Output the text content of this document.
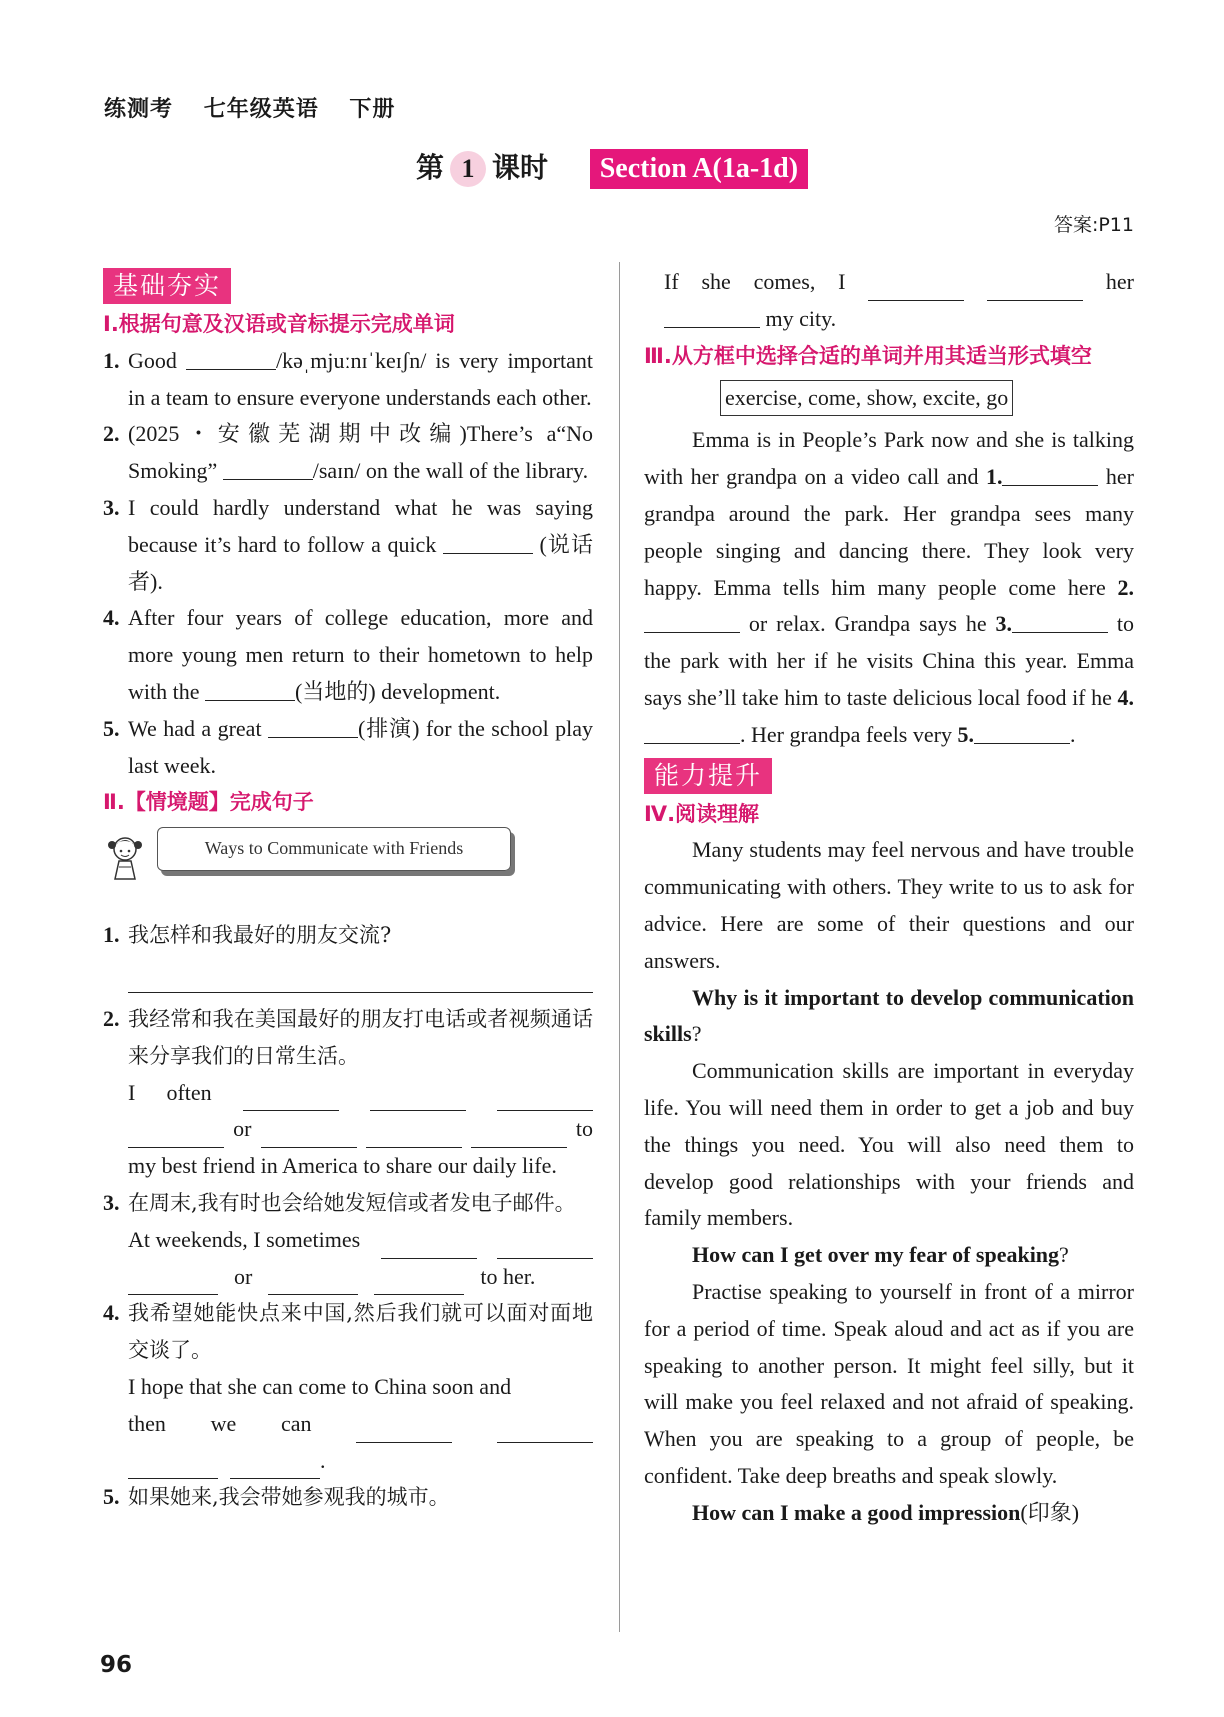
练测考 七年级英语 下册
第 1 课时 Section A(1a-1d)
答案:P11
基础夯实
Ⅰ.根据句意及汉语或音标提示完成单词
1. Good	/kəˌmjuːnɪˈkeɪʃn/ is very important in a team to ensure everyone understands each other.
2. (2025・安徽芜湖期中改编)There’s a“No Smoking”	/saɪn/ on the wall of the library.
3. I could hardly understand what he was saying because it’s hard to follow a quick	(说话者).
4. After four years of college education, more and more young men return to their hometown to help with the	(当地的) development.
5. We had a great	(排演) for the school play last week.
Ⅱ.【情境题】完成句子
Ways to Communicate with Friends
1. 我怎样和我最好的朋友交流?
2. 我经常和我在美国最好的朋友打电话或者视频通话来分享我们的日常生活。
I often
or	to
my best friend in America to share our daily life.
3. 在周末,我有时也会给她发短信或者发电子邮件。
At weekends, I sometimes
or	to her.
4. 我希望她能快点来中国,然后我们就可以面对面地交谈了。
I hope that she can come to China soon and
then we can
.
5. 如果她来,我会带她参观我的城市。
If she comes, I	her
my city.
Ⅲ.从方框中选择合适的单词并用其适当形式填空
exercise, come, show, excite, go
Emma is in People’s Park now and she is talking with her grandpa on a video call and 1.	her grandpa around the park. Her grandpa sees many people singing and dancing there. They look very happy. Emma tells him many people come here 2. or relax. Grandpa says he 3.	to the park with her if he visits China this year. Emma says she’ll take him to taste delicious local food if he 4.. Her grandpa feels very 5.	.
能力提升
Ⅳ.阅读理解
Many students may feel nervous and have trouble communicating with others. They write to us to ask for advice. Here are some of their questions and our answers.
Why is it important to develop communication skills?
Communication skills are important in everyday life. You will need them in order to get a job and buy the things you need. You will also need them to develop good relationships with your friends and family members.
How can I get over my fear of speaking?
Practise speaking to yourself in front of a mirror for a period of time. Speak aloud and act as if you are speaking to another person. It might feel silly, but it will make you feel relaxed and not afraid of speaking. When you are speaking to a group of people, be confident. Take deep breaths and speak slowly.
How can I make a good impression(印象)
96
